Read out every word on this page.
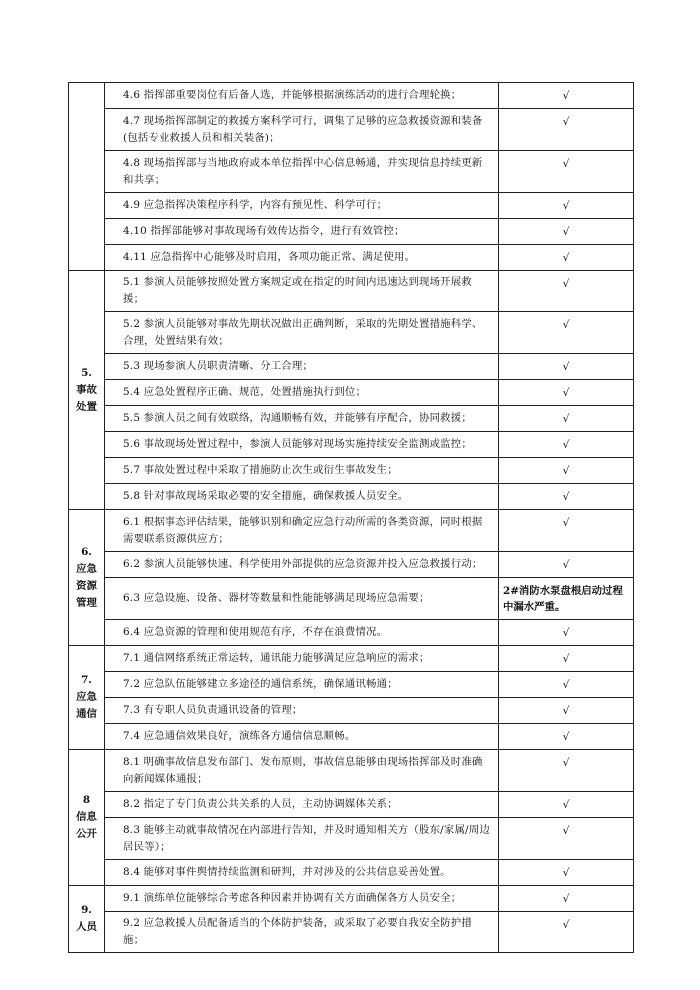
	4.6 指挥部重要岗位有后备人选，并能够根据演练活动的进行合理轮换；	√
	4.7 现场指挥部制定的救援方案科学可行，调集了足够的应急救援资源和装备(包括专业救援人员和相关装备)；	√
	4.8 现场指挥部与当地政府或本单位指挥中心信息畅通，并实现信息持续更新和共享；	√
	4.9 应急指挥决策程序科学，内容有预见性、科学可行；	√
	4.10 指挥部能够对事故现场有效传达指令，进行有效管控；	√
	4.11 应急指挥中心能够及时启用，各项功能正常、满足使用。	√

5.
事故
处置	5.1 参演人员能够按照处置方案规定或在指定的时间内迅速达到现场开展救援；	√
	5.2 参演人员能够对事故先期状况做出正确判断，采取的先期处置措施科学、合理，处置结果有效；	√
	5.3 现场参演人员职责清晰、分工合理；	√
	5.4 应急处置程序正确、规范，处置措施执行到位；	√
	5.5 参演人员之间有效联络，沟通顺畅有效，并能够有序配合，协同救援；	√
	5.6 事故现场处置过程中，参演人员能够对现场实施持续安全监测或监控；	√
	5.7 事故处置过程中采取了措施防止次生或衍生事故发生；	√
	5.8 针对事故现场采取必要的安全措施，确保救援人员安全。	√

6.
应急
资源
管理	6.1 根据事态评估结果，能够识别和确定应急行动所需的各类资源，同时根据需要联系资源供应方；	√
	6.2 参演人员能够快速、科学使用外部提供的应急资源并投入应急救援行动；	√
	6.3 应急设施、设备、器材等数量和性能能够满足现场应急需要；	2#消防水泵盘根启动过程中漏水严重。
	6.4 应急资源的管理和使用规范有序，不存在浪费情况。	√

7.
应急
通信	7.1 通信网络系统正常运转，通讯能力能够满足应急响应的需求；	√
	7.2 应急队伍能够建立多途径的通信系统，确保通讯畅通；	√
	7.3 有专职人员负责通讯设备的管理；	√
	7.4 应急通信效果良好，演练各方通信信息顺畅。	√

8
信息
公开	8.1 明确事故信息发布部门、发布原则，事故信息能够由现场指挥部及时准确向新闻媒体通报；	√
	8.2 指定了专门负责公共关系的人员，主动协调媒体关系；	√
	8.3 能够主动就事故情况在内部进行告知，并及时通知相关方（股东/家属/周边居民等）；	√
	8.4 能够对事件舆情持续监测和研判，并对涉及的公共信息妥善处置。	√

9.
人员	9.1 演练单位能够综合考虑各种因素并协调有关方面确保各方人员安全；	√
	9.2 应急救援人员配备适当的个体防护装备，或采取了必要自我安全防护措施；	√
